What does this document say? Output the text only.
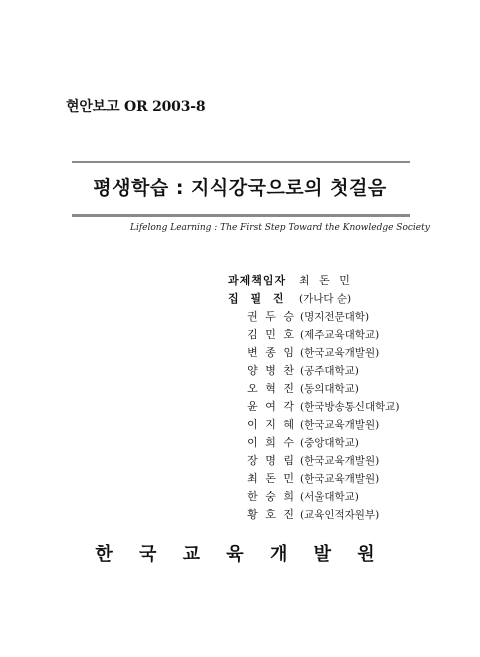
현안보고 OR 2003-8
평생학습 : 지식강국으로의 첫걸음
Lifelong Learning : The First Step Toward the Knowledge Society
과제책임자	최 돈 민
집 필 진	(가나다 순)
권 두 승 (명지전문대학)
김 민 호 (제주교육대학교)
변 종 임 (한국교육개발원)
양 병 찬 (공주대학교)
오 혁 진 (동의대학교)
윤 여 각 (한국방송통신대학교)
이 지 혜 (한국교육개발원)
이 희 수 (중앙대학교)
장 명 림 (한국교육개발원)
최 돈 민 (한국교육개발원)
한 숭 희 (서울대학교)
황 호 진 (교육인적자원부)
한 국 교 육 개 발 원
